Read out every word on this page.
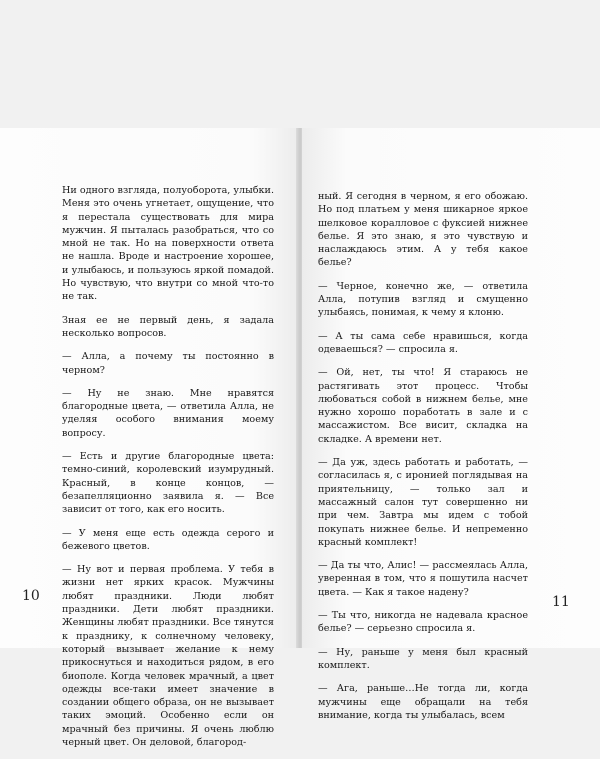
Ни одного взгляда, полуоборота, улыбки. Меня это очень угнетает, ощущение, что я перестала существовать для мира мужчин. Я пыталась разобраться, что со мной не так. Но на поверхности ответа не нашла. Вроде и настроение хорошее, и улыбаюсь, и пользуюсь яркой помадой. Но чувствую, что внутри со мной что-то не так.

Зная ее не первый день, я задала несколько вопросов.

— Алла, а почему ты постоянно в черном?

— Ну не знаю. Мне нравятся благородные цвета, — ответила Алла, не уделяя особого внимания моему вопросу.

— Есть и другие благородные цвета: темно-синий, королевский изумрудный. Красный, в конце концов, — безапелляционно заявила я. — Все зависит от того, как его носить.

— У меня еще есть одежда серого и бежевого цветов.

— Ну вот и первая проблема. У тебя в жизни нет ярких красок. Мужчины любят праздники. Люди любят праздники. Дети любят праздники. Женщины любят праздники. Все тянутся к празднику, к солнечному человеку, который вызывает желание к нему прикоснуться и находиться рядом, в его биополе. Когда человек мрачный, а цвет одежды все-таки имеет значение в создании общего образа, он не вызывает таких эмоций. Особенно если он мрачный без причины. Я очень люблю черный цвет. Он деловой, благород-

10

ный. Я сегодня в черном, я его обожаю. Но под платьем у меня шикарное яркое шелковое коралловое с фуксией нижнее белье. Я это знаю, я это чувствую и наслаждаюсь этим. А у тебя какое белье?

— Черное, конечно же, — ответила Алла, потупив взгляд и смущенно улыбаясь, понимая, к чему я клоню.

— А ты сама себе нравишься, когда одеваешься? — спросила я.

— Ой, нет, ты что! Я стараюсь не растягивать этот процесс. Чтобы любоваться собой в нижнем белье, мне нужно хорошо поработать в зале и с массажистом. Все висит, складка на складке. А времени нет.

— Да уж, здесь работать и работать, — согласилась я, с иронией поглядывая на приятельницу, — только зал и массажный салон тут совершенно ни при чем. Завтра мы идем с тобой покупать нижнее белье. И непременно красный комплект!

— Да ты что, Алис! — рассмеялась Алла, уверенная в том, что я пошутила насчет цвета. — Как я такое надену?

— Ты что, никогда не надевала красное белье? — серьезно спросила я.

— Ну, раньше у меня был красный комплект.

— Ага, раньше…Не тогда ли, когда мужчины еще обращали на тебя внимание, когда ты улыбалась, всем

11
